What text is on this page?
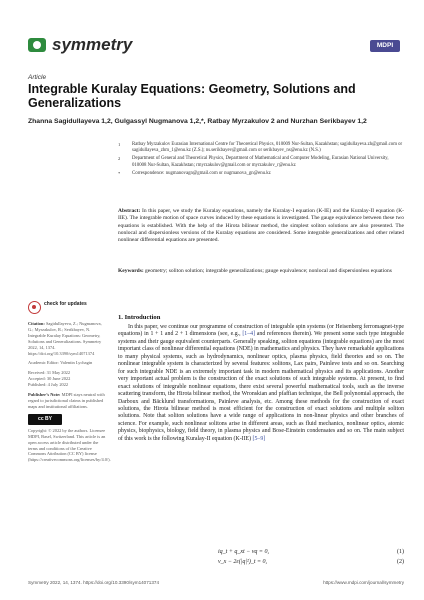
symmetry	MDPI
Article
Integrable Kuralay Equations: Geometry, Solutions and Generalizations
Zhanna Sagidullayeva 1,2, Gulgassyl Nugmanova 1,2,*, Ratbay Myrzakulov 2 and Nurzhan Serikbayev 1,2
1 Ratbay Myrzakulov Eurasian International Centre for Theoretical Physics, 010009 Nur-Sultan, Kazakhstan; sagidullayeva.zh@gmail.com or sagidullayeva_zhm_1@enu.kz (Z.S.); ns.serikbayev@gmail.com or serikbayev_ns@enu.kz (N.S.)
2 Department of General and Theoretical Physics, Department of Mathematical and Computer Modeling, Eurasian National University, 010008 Nur-Sultan, Kazakhstan; rmyrzakulov@gmail.com or myrzakulov_r@enu.kz
* Correspondence: nugmanovagn@gmail.com or nugmanova_gn@enu.kz
Abstract: In this paper, we study the Kuralay equations, namely the Kuralay-I equation (K-IE) and the Kuralay-II equation (K-IIE). The integrable motion of space curves induced by these equations is investigated. The gauge equivalence between these two equations is established. With the help of the Hirota bilinear method, the simplest soliton solutions are also presented. The nonlocal and dispersionless versions of the Kuralay equations are considered. Some integrable generalizations and other related nonlinear differential equations are presented.
Keywords: geometry; soliton solution; integrable generalizations; gauge equivalence; nonlocal and dispersionless equations
check for updates
Citation: Sagidullayeva, Z.; Nugmanova, G.; Myrzakulov, R.; Serikbayev, N. Integrable Kuralay Equations: Geometry, Solutions and Generalizations. Symmetry 2022, 14, 1374. https://doi.org/10.3390/sym14071374
Academic Editor: Valentin Lychagin
Received: 31 May 2022
Accepted: 30 June 2022
Published: 4 July 2022
Publisher’s Note: MDPI stays neutral with regard to jurisdictional claims in published maps and institutional affiliations.
cc BY
Copyright: © 2022 by the authors. Licensee MDPI, Basel, Switzerland. This article is an open access article distributed under the terms and conditions of the Creative Commons Attribution (CC BY) license (https://creativecommons.org/licenses/by/4.0/).
1. Introduction
In this paper, we continue our programme of construction of integrable spin systems (or Heisenberg ferromagnet-type equations) in 1 + 1 and 2 + 1 dimensions (see, e.g., [1–4] and references therein). We present some such type integrable systems and their gauge equivalent counterparts. Generally speaking, soliton equations (integrable equations) are the most important class of nonlinear differential equations (NDE) in mathematics and physics. They have remarkable applications to many physical systems, such as hydrodynamics, nonlinear optics, plasma physics, field theories and so on. The nonlinear integrable system is characterized by several features: solitons, Lax pairs, Painleve tests and so on. Searching for such integrable NDE is an extremely important task in modern mathematical physics and its applications. Another very important actual problem is the construction of the exact solutions of such integrable systems. At present, to find exact solutions of integrable nonlinear equations, there exist several powerful mathematical tools, such as the inverse scattering transform, the Hirota bilinear method, the Wronskian and pfaffian technique, the Bell polynomial approach, the Darboux and Bäcklund transformations, Painleve analysis, etc. Among these methods for the construction of exact solutions, the Hirota bilinear method is most efficient for the construction of exact solutions and multiple soliton solutions. Note that soliton solutions have a wide range of applications in non-linear physics and other branches of science. For example, such nonlinear solitons arise in different areas, such as fluid mechanics, nonlinear optics, atomic physics, biophysics, biology, field theory, in plasma physics and Bose-Einstein condensates and so on. The main subject of this work is the following Kuralay-II equation (K-IIE) [5–9]
iq_t + q_xt − vq = 0,	(1)
v_x − 2ε(|q|²)_t = 0,	(2)
Symmetry 2022, 14, 1374. https://doi.org/10.3390/sym14071374	https://www.mdpi.com/journal/symmetry
